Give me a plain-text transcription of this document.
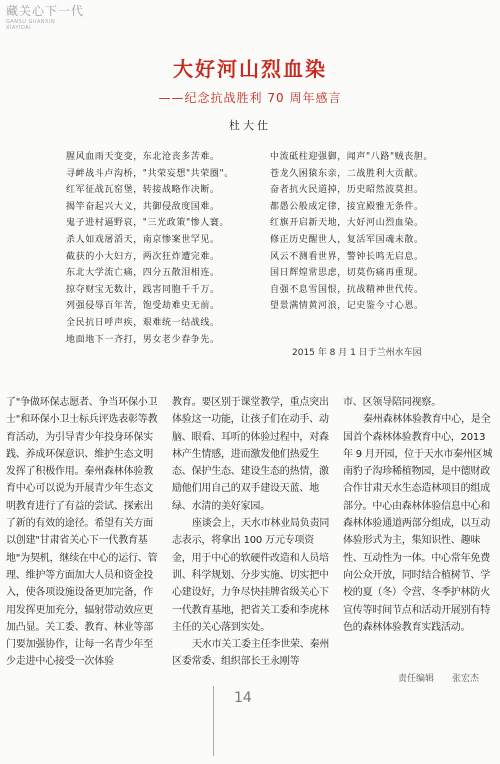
藏关心下一代
GANSU GUANXIN
XIAYIDAI
大好河山烈血染
——纪念抗战胜利 70 周年感言
杜大仕
腥风血雨天变变，东北沧丧多苦难。
寻衅战斗卢沟桥，"共荣妄想"共荣圈"。
红军征战瓦窑堡，转接战略作决断。
揭竿奋起兴大义，共御侵敌度国难。
鬼子进村逼野哀，"三光政策"惨人寰。
杀人如戏屠滔天，南京惨案世罕见。
截获的小大妇方，两次狂炸遭完难。
东北大学流亡痛，四分五散泪相连。
掠夺财宝无数计，践害同胞千千万。
列强侵辱百年苦，饱受劫难史无前。
全民抗日呼声疾，艰难统一结战线。
地面地下一齐打，男女老少春争先。
中流砥柱迎强御，闻声"八路"贼丧胆。
苍龙久困猿东亲，二战胜利大贡献。
奋者抗火民道掉，历史昭然波莫担。
都愚公般成定律，接宜殿雅无条件。
红旗开启新天地，大好河山烈血染。
修正历史醒世人，复活军国魂未散。
风云不测看世界，警钟长鸣无启息。
国日辉煌常思虑，切莫伤痛再重现。
自强不息雪国恨，抗战精神世代传。
望景满情黄河浪，记史鉴今寸心恩。
2015 年 8 月 1 日于兰州水车园

了"争做环保志愿者、争当环保小卫士"和环保小卫士标兵评选表彰等教育活动，为引导青少年投身环保实践、养成环保意识、维护生态文明发挥了积极作用。秦州森林体验教育中心可以说为开展青少年生态文明教育进行了有益的尝试、探索出了新的有效的途径。希望有关方面以创建"甘肃省关心下一代教育基地"为契机，继续在中心的运行、管理、维护等方面加大人员和资金投入，使各项设施设备更加完备，作用发挥更加充分，辐射带动效应更加凸显。关工委、教育、林业等部门要加强协作，让每一名青少年至少走进中心接受一次体验

教育。要区别于课堂教学，重点突出体验这一功能，让孩子们在动手、动脑、眼看、耳听的体验过程中，对森林产生情感，进而激发他们热爱生态、保护生态、建设生态的热情，激励他们用自己的双手建设天蓝、地绿、水清的美好家园。

座谈会上，天水市林业局负责同志表示，将拿出 100 万元专项资金，用于中心的软硬件改造和人员培训、科学规划、分步实施、切实把中心建设好，力争尽快挂牌省级关心下一代教育基地，把省关工委和李虎林主任的关心落到实处。

天水市关工委主任李世荣、秦州区委常委、组织部长王永刚等

市、区领导陪同视察。

秦州森林体验教育中心，是全国首个森林体验教育中心，2013 年 9 月开园，位于天水市秦州区城南豹子沟珍稀植物园，是中德财政合作甘肃天水生态造林项目的组成部分。中心由森林体验信息中心和森林体验通道两部分组成，以互动体验形式为主，集知识性、趣味性、互动性为一体。中心常年免费向公众开放，同时结合植树节、学校的夏（冬）令营、冬季护林防火宣传等时间节点和活动开展别有特色的森林体验教育实践活动。

责任编辑　　张宏杰
14
